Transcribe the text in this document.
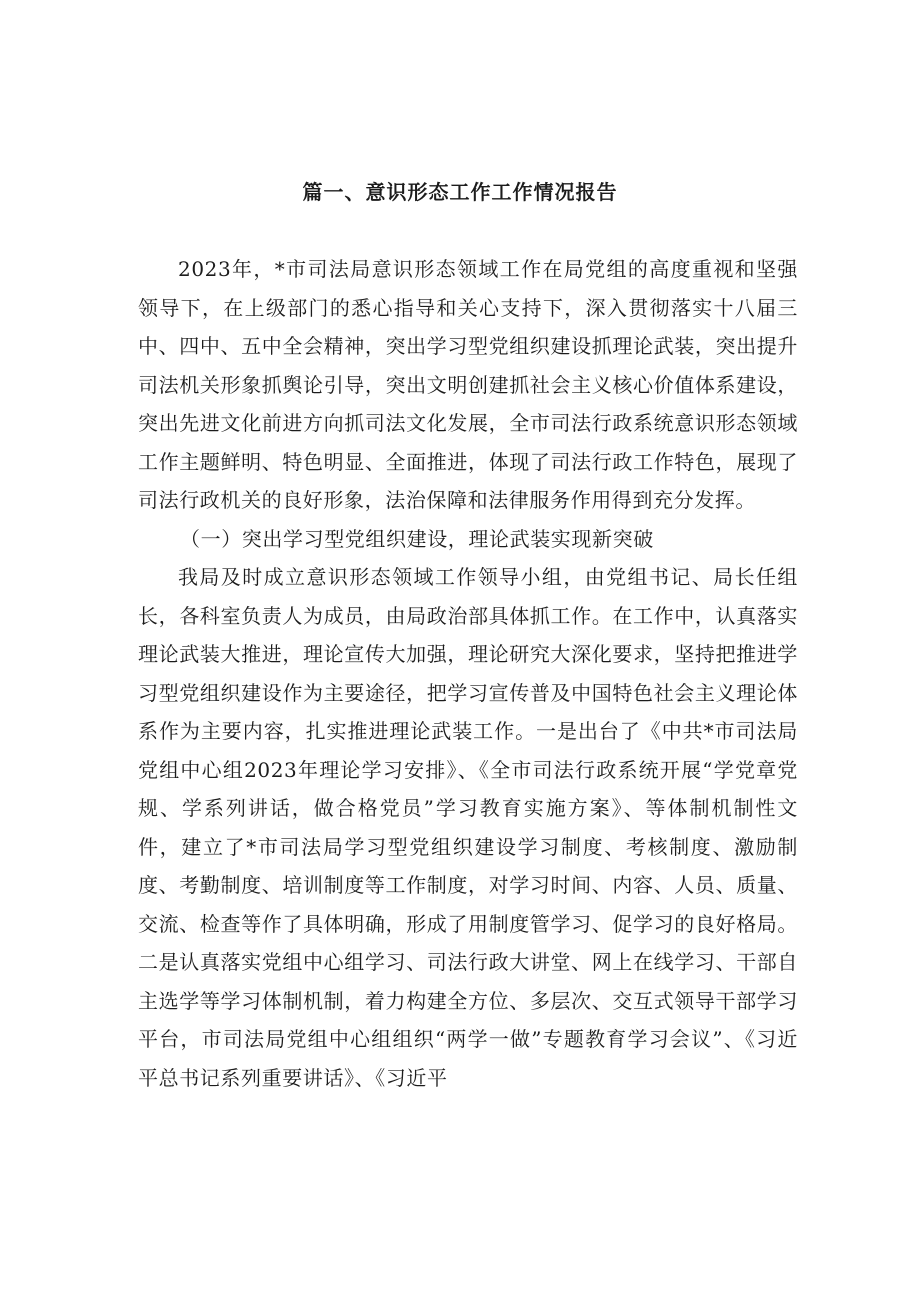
篇一、意识形态工作工作情况报告

2023年，*市司法局意识形态领域工作在局党组的高度重视和坚强领导下，在上级部门的悉心指导和关心支持下，深入贯彻落实十八届三中、四中、五中全会精神，突出学习型党组织建设抓理论武装，突出提升司法机关形象抓舆论引导，突出文明创建抓社会主义核心价值体系建设，突出先进文化前进方向抓司法文化发展，全市司法行政系统意识形态领域工作主题鲜明、特色明显、全面推进，体现了司法行政工作特色，展现了司法行政机关的良好形象，法治保障和法律服务作用得到充分发挥。

（一）突出学习型党组织建设，理论武装实现新突破

我局及时成立意识形态领域工作领导小组，由党组书记、局长任组长，各科室负责人为成员，由局政治部具体抓工作。在工作中，认真落实理论武装大推进，理论宣传大加强，理论研究大深化要求，坚持把推进学习型党组织建设作为主要途径，把学习宣传普及中国特色社会主义理论体系作为主要内容，扎实推进理论武装工作。一是出台了《中共*市司法局党组中心组2023年理论学习安排》、《全市司法行政系统开展“学党章党规、学系列讲话，做合格党员”学习教育实施方案》、等体制机制性文件，建立了*市司法局学习型党组织建设学习制度、考核制度、激励制度、考勤制度、培训制度等工作制度，对学习时间、内容、人员、质量、交流、检查等作了具体明确，形成了用制度管学习、促学习的良好格局。二是认真落实党组中心组学习、司法行政大讲堂、网上在线学习、干部自主选学等学习体制机制，着力构建全方位、多层次、交互式领导干部学习平台，市司法局党组中心组组织“两学一做”专题教育学习会议”、《习近平总书记系列重要讲话》、《习近平
